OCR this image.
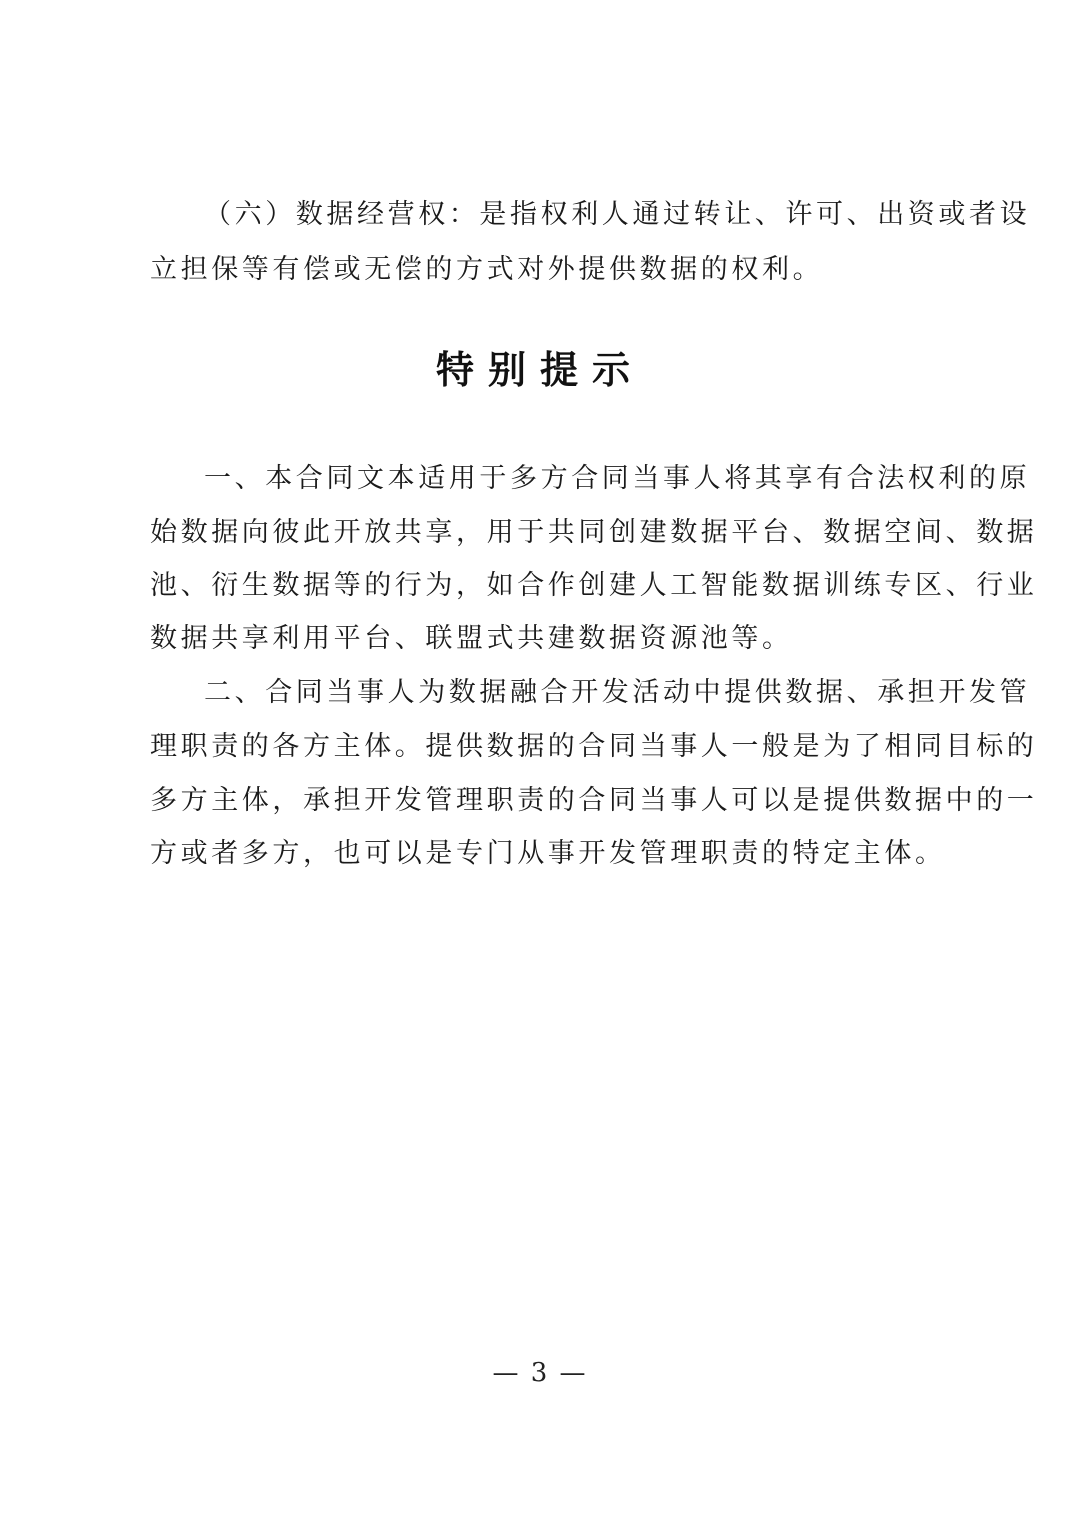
（六）数据经营权：是指权利人通过转让、许可、出资或者设
立担保等有偿或无偿的方式对外提供数据的权利。
特别提示
一、本合同文本适用于多方合同当事人将其享有合法权利的原
始数据向彼此开放共享，用于共同创建数据平台、数据空间、数据
池、衍生数据等的行为，如合作创建人工智能数据训练专区、行业
数据共享利用平台、联盟式共建数据资源池等。
二、合同当事人为数据融合开发活动中提供数据、承担开发管
理职责的各方主体。提供数据的合同当事人一般是为了相同目标的
多方主体，承担开发管理职责的合同当事人可以是提供数据中的一
方或者多方，也可以是专门从事开发管理职责的特定主体。
— 3 —
